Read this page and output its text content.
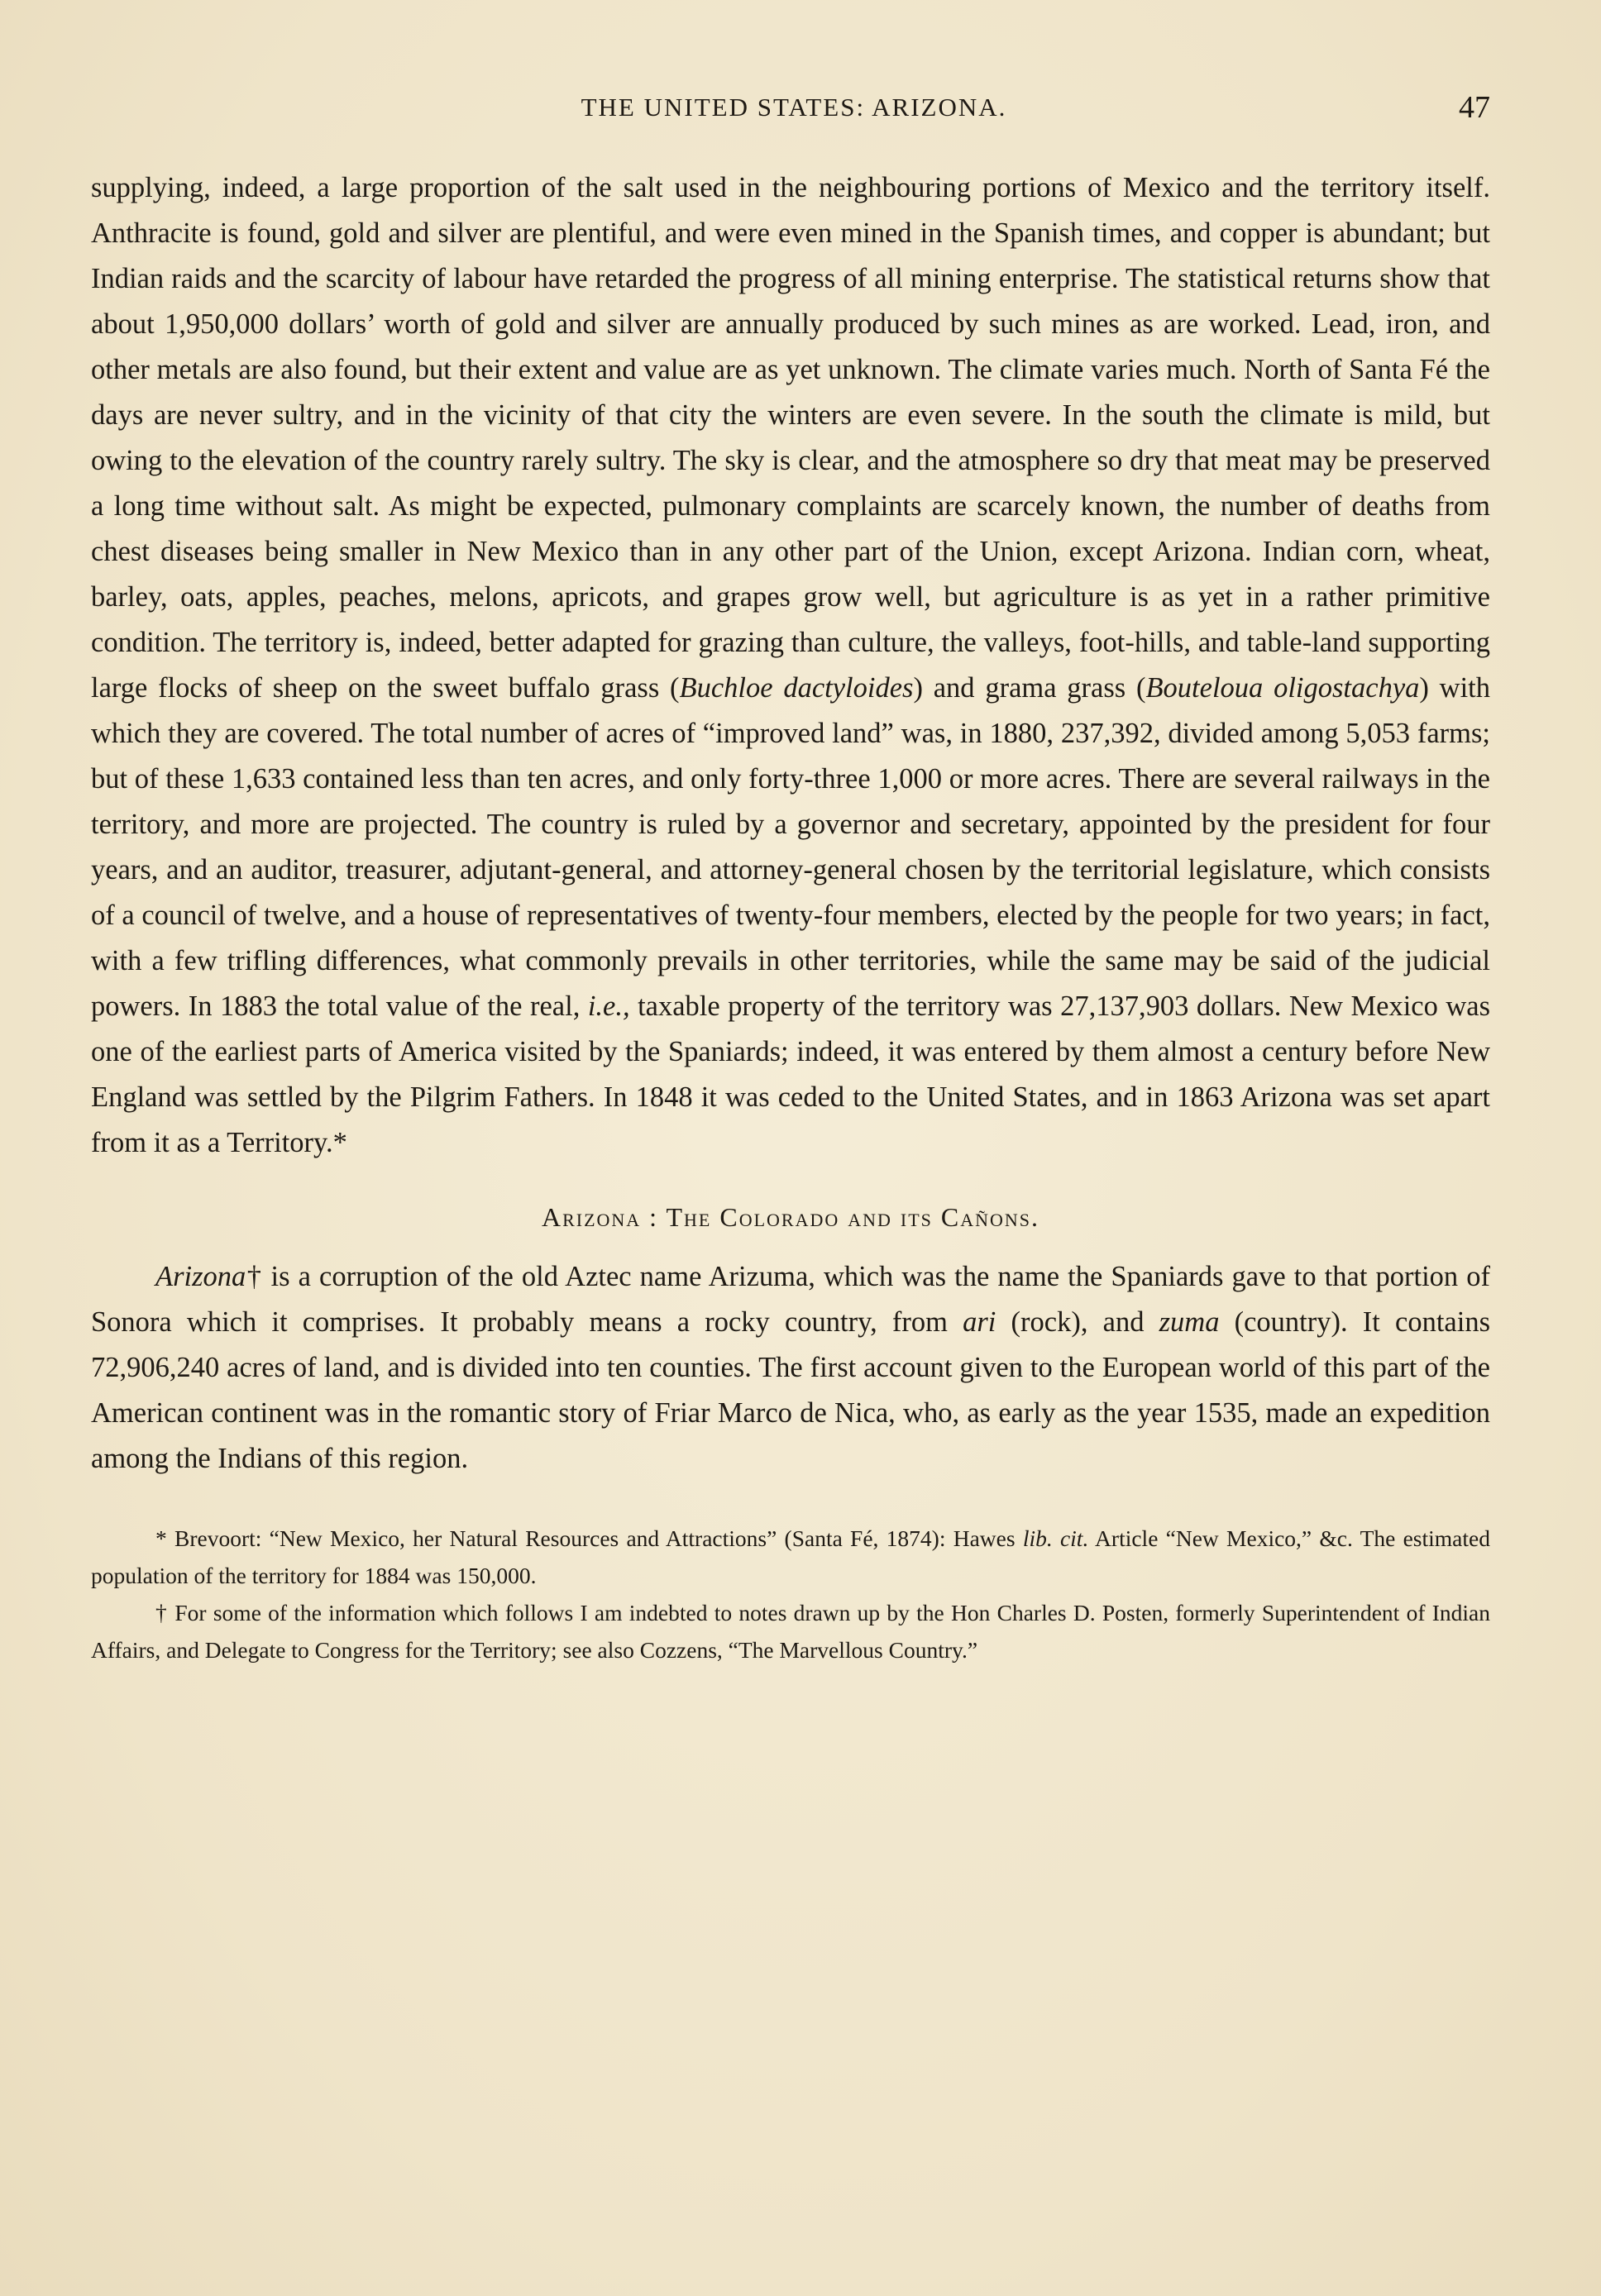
THE UNITED STATES: ARIZONA.	47

supplying, indeed, a large proportion of the salt used in the neighbouring portions of Mexico and the territory itself. Anthracite is found, gold and silver are plentiful, and were even mined in the Spanish times, and copper is abundant; but Indian raids and the scarcity of labour have retarded the progress of all mining enterprise. The statistical returns show that about 1,950,000 dollars’ worth of gold and silver are annually produced by such mines as are worked. Lead, iron, and other metals are also found, but their extent and value are as yet unknown. The climate varies much. North of Santa Fé the days are never sultry, and in the vicinity of that city the winters are even severe. In the south the climate is mild, but owing to the elevation of the country rarely sultry. The sky is clear, and the atmosphere so dry that meat may be preserved a long time without salt. As might be expected, pulmonary complaints are scarcely known, the number of deaths from chest diseases being smaller in New Mexico than in any other part of the Union, except Arizona. Indian corn, wheat, barley, oats, apples, peaches, melons, apricots, and grapes grow well, but agriculture is as yet in a rather primitive condition. The territory is, indeed, better adapted for grazing than culture, the valleys, foot-hills, and table-land supporting large flocks of sheep on the sweet buffalo grass (Buchloe dactyloides) and grama grass (Bouteloua oligostachya) with which they are covered. The total number of acres of “improved land” was, in 1880, 237,392, divided among 5,053 farms; but of these 1,633 contained less than ten acres, and only forty-three 1,000 or more acres. There are several railways in the territory, and more are projected. The country is ruled by a governor and secretary, appointed by the president for four years, and an auditor, treasurer, adjutant-general, and attorney-general chosen by the territorial legislature, which consists of a council of twelve, and a house of representatives of twenty-four members, elected by the people for two years; in fact, with a few trifling differences, what commonly prevails in other territories, while the same may be said of the judicial powers. In 1883 the total value of the real, i.e., taxable property of the territory was 27,137,903 dollars. New Mexico was one of the earliest parts of America visited by the Spaniards; indeed, it was entered by them almost a century before New England was settled by the Pilgrim Fathers. In 1848 it was ceded to the United States, and in 1863 Arizona was set apart from it as a Territory.*

Arizona : The Colorado and its Cañons.

Arizona† is a corruption of the old Aztec name Arizuma, which was the name the Spaniards gave to that portion of Sonora which it comprises. It probably means a rocky country, from ari (rock), and zuma (country). It contains 72,906,240 acres of land, and is divided into ten counties. The first account given to the European world of this part of the American continent was in the romantic story of Friar Marco de Nica, who, as early as the year 1535, made an expedition among the Indians of this region.

* Brevoort: “New Mexico, her Natural Resources and Attractions” (Santa Fé, 1874): Hawes lib. cit. Article “New Mexico,” &c. The estimated population of the territory for 1884 was 150,000.

† For some of the information which follows I am indebted to notes drawn up by the Hon Charles D. Posten, formerly Superintendent of Indian Affairs, and Delegate to Congress for the Territory; see also Cozzens, “The Marvellous Country.”
